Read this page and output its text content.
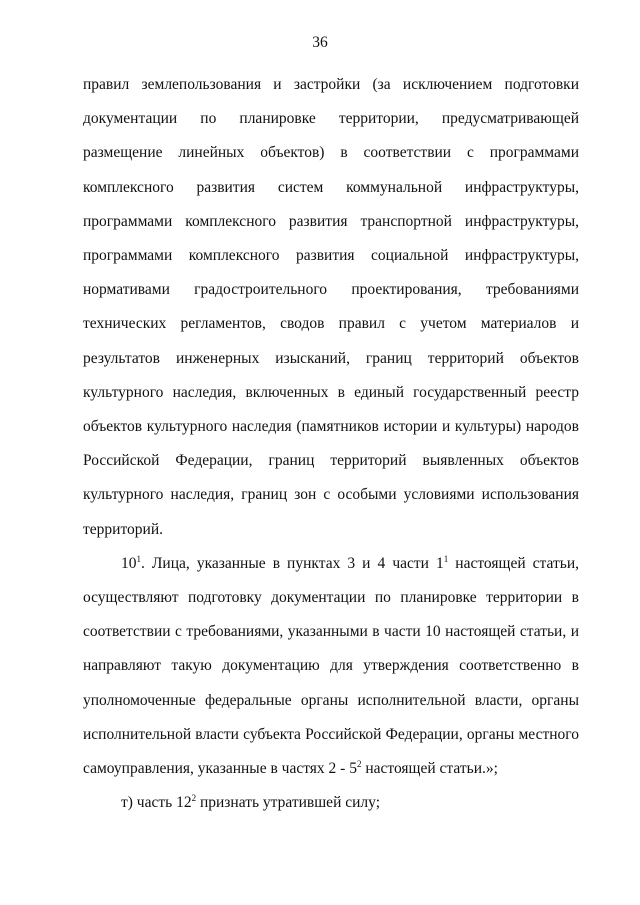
36

правил землепользования и застройки (за исключением подготовки документации по планировке территории, предусматривающей размещение линейных объектов) в соответствии с программами комплексного развития систем коммунальной инфраструктуры, программами комплексного развития транспортной инфраструктуры, программами комплексного развития социальной инфраструктуры, нормативами градостроительного проектирования, требованиями технических регламентов, сводов правил с учетом материалов и результатов инженерных изысканий, границ территорий объектов культурного наследия, включенных в единый государственный реестр объектов культурного наследия (памятников истории и культуры) народов Российской Федерации, границ территорий выявленных объектов культурного наследия, границ зон с особыми условиями использования территорий.

$10^1$. Лица, указанные в пунктах 3 и 4 части $1^1$ настоящей статьи, осуществляют подготовку документации по планировке территории в соответствии с требованиями, указанными в части 10 настоящей статьи, и направляют такую документацию для утверждения соответственно в уполномоченные федеральные органы исполнительной власти, органы исполнительной власти субъекта Российской Федерации, органы местного самоуправления, указанные в частях $2 - 5^2$ настоящей статьи.»;

т) часть $12^2$ признать утратившей силу;
